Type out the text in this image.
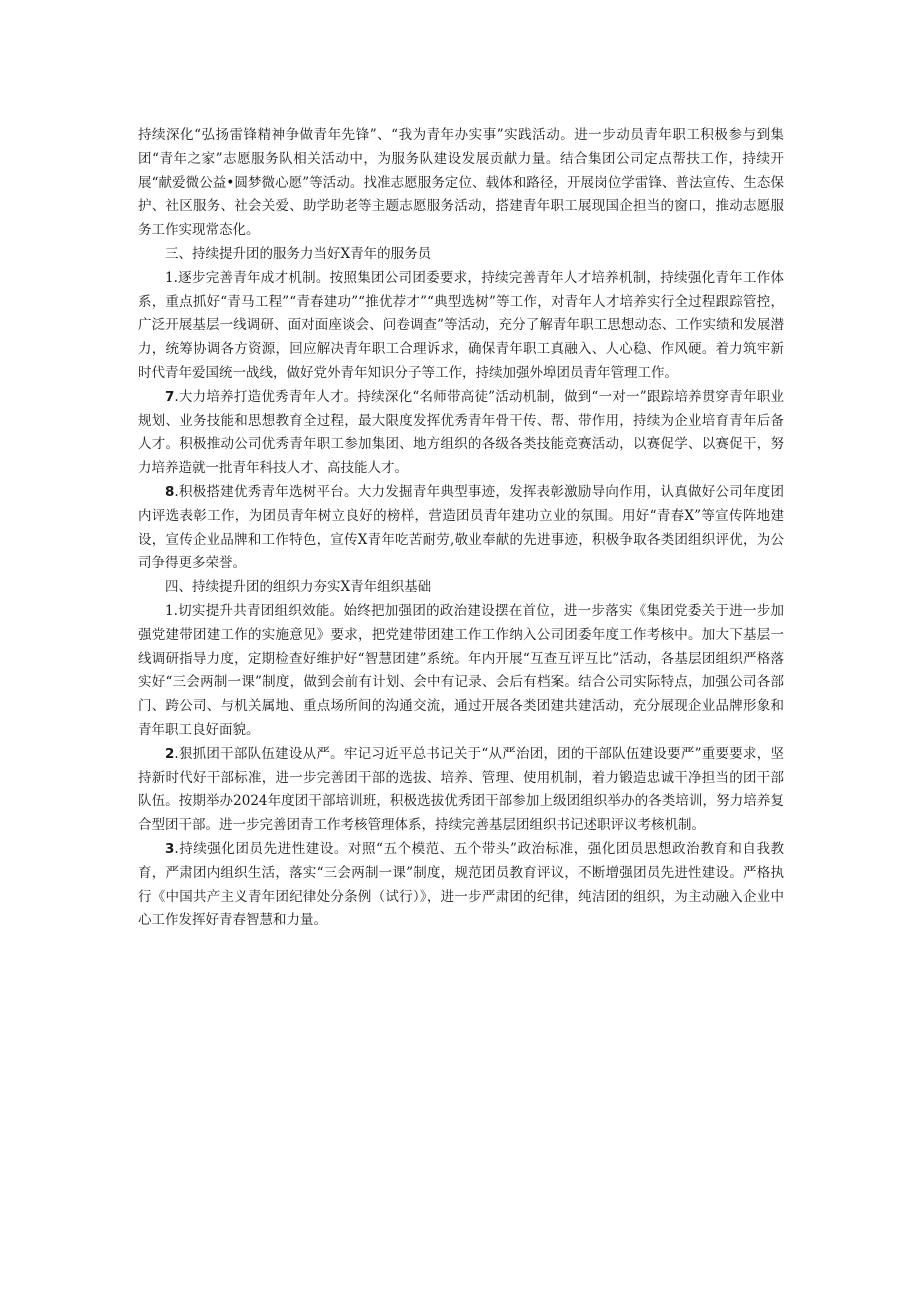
持续深化“弘扬雷锋精神争做青年先锋”、“我为青年办实事”实践活动。进一步动员青年职工积极参与到集团“青年之家”志愿服务队相关活动中，为服务队建设发展贡献力量。结合集团公司定点帮扶工作，持续开展“献爱微公益•圆梦微心愿”等活动。找准志愿服务定位、载体和路径，开展岗位学雷锋、普法宣传、生态保护、社区服务、社会关爱、助学助老等主题志愿服务活动，搭建青年职工展现国企担当的窗口，推动志愿服务工作实现常态化。

三、持续提升团的服务力当好X青年的服务员

1.逐步完善青年成才机制。按照集团公司团委要求，持续完善青年人才培养机制，持续强化青年工作体系，重点抓好“青马工程”“青春建功”“推优荐才”“典型选树”等工作，对青年人才培养实行全过程跟踪管控，广泛开展基层一线调研、面对面座谈会、问卷调查”等活动，充分了解青年职工思想动态、工作实绩和发展潜力，统筹协调各方资源，回应解决青年职工合理诉求，确保青年职工真融入、人心稳、作风硬。着力筑牢新时代青年爱国统一战线，做好党外青年知识分子等工作，持续加强外埠团员青年管理工作。

7.大力培养打造优秀青年人才。持续深化“名师带高徒”活动机制，做到“一对一”跟踪培养贯穿青年职业规划、业务技能和思想教育全过程，最大限度发挥优秀青年骨干传、帮、带作用，持续为企业培育青年后备人才。积极推动公司优秀青年职工参加集团、地方组织的各级各类技能竞赛活动，以赛促学、以赛促干，努力培养造就一批青年科技人才、高技能人才。

8.积极搭建优秀青年选树平台。大力发掘青年典型事迹，发挥表彰激励导向作用，认真做好公司年度团内评选表彰工作，为团员青年树立良好的榜样，营造团员青年建功立业的氛围。用好“青春X”等宣传阵地建设，宣传企业品牌和工作特色，宣传X青年吃苦耐劳,敬业奉献的先进事迹，积极争取各类团组织评优，为公司争得更多荣誉。

四、持续提升团的组织力夯实X青年组织基础

1.切实提升共青团组织效能。始终把加强团的政治建设摆在首位，进一步落实《集团党委关于进一步加强党建带团建工作的实施意见》要求，把党建带团建工作工作纳入公司团委年度工作考核中。加大下基层一线调研指导力度，定期检查好维护好“智慧团建”系统。年内开展“互查互评互比”活动，各基层团组织严格落实好“三会两制一课”制度，做到会前有计划、会中有记录、会后有档案。结合公司实际特点，加强公司各部门、跨公司、与机关属地、重点场所间的沟通交流，通过开展各类团建共建活动，充分展现企业品牌形象和青年职工良好面貌。

2.狠抓团干部队伍建设从严。牢记习近平总书记关于“从严治团，团的干部队伍建设要严”重要要求，坚持新时代好干部标准，进一步完善团干部的选拔、培养、管理、使用机制，着力锻造忠诚干净担当的团干部队伍。按期举办2024年度团干部培训班，积极选拔优秀团干部参加上级团组织举办的各类培训，努力培养复合型团干部。进一步完善团青工作考核管理体系，持续完善基层团组织书记述职评议考核机制。

3.持续强化团员先进性建设。对照“五个模范、五个带头”政治标准，强化团员思想政治教育和自我教育，严肃团内组织生活，落实“三会两制一课”制度，规范团员教育评议，不断增强团员先进性建设。严格执行《中国共产主义青年团纪律处分条例（试行）》，进一步严肃团的纪律，纯洁团的组织，为主动融入企业中心工作发挥好青春智慧和力量。
